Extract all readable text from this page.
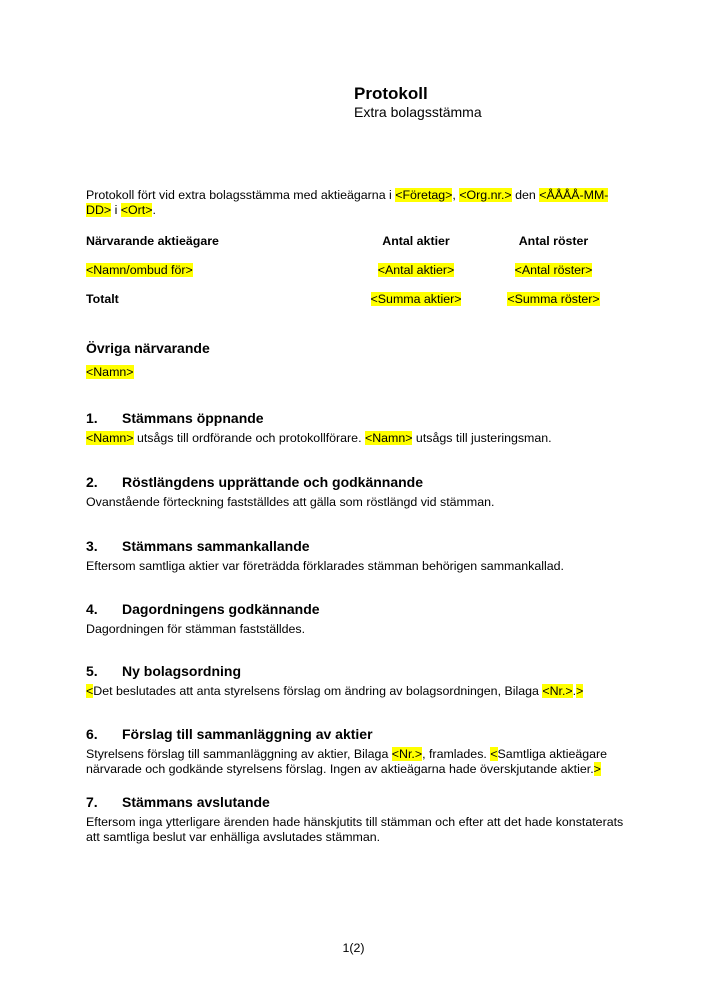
Protokoll
Extra bolagsstämma

Protokoll fört vid extra bolagsstämma med aktieägarna i <Företag>, <Org.nr.> den <ÅÅÅÅ-MM-DD> i <Ort>.

Närvarande aktieägare	Antal aktier	Antal röster
<Namn/ombud för>	<Antal aktier>	<Antal röster>
Totalt	<Summa aktier>	<Summa röster>
Övriga närvarande
<Namn>
1. Stämmans öppnande

<Namn> utsågs till ordförande och protokollförare. <Namn> utsågs till justeringsman.

2. Röstlängdens upprättande och godkännande

Ovanstående förteckning fastställdes att gälla som röstlängd vid stämman.

3. Stämmans sammankallande

Eftersom samtliga aktier var företrädda förklarades stämman behörigen sammankallad.

4. Dagordningens godkännande

Dagordningen för stämman fastställdes.

5. Ny bolagsordning

<Det beslutades att anta styrelsens förslag om ändring av bolagsordningen, Bilaga <Nr.>.>

6. Förslag till sammanläggning av aktier

Styrelsens förslag till sammanläggning av aktier, Bilaga <Nr.>, framlades. <Samtliga aktieägare närvarade och godkände styrelsens förslag. Ingen av aktieägarna hade överskjutande aktier.>

7. Stämmans avslutande

Eftersom inga ytterligare ärenden hade hänskjutits till stämman och efter att det hade konstaterats att samtliga beslut var enhälliga avslutades stämman.

1(2)
